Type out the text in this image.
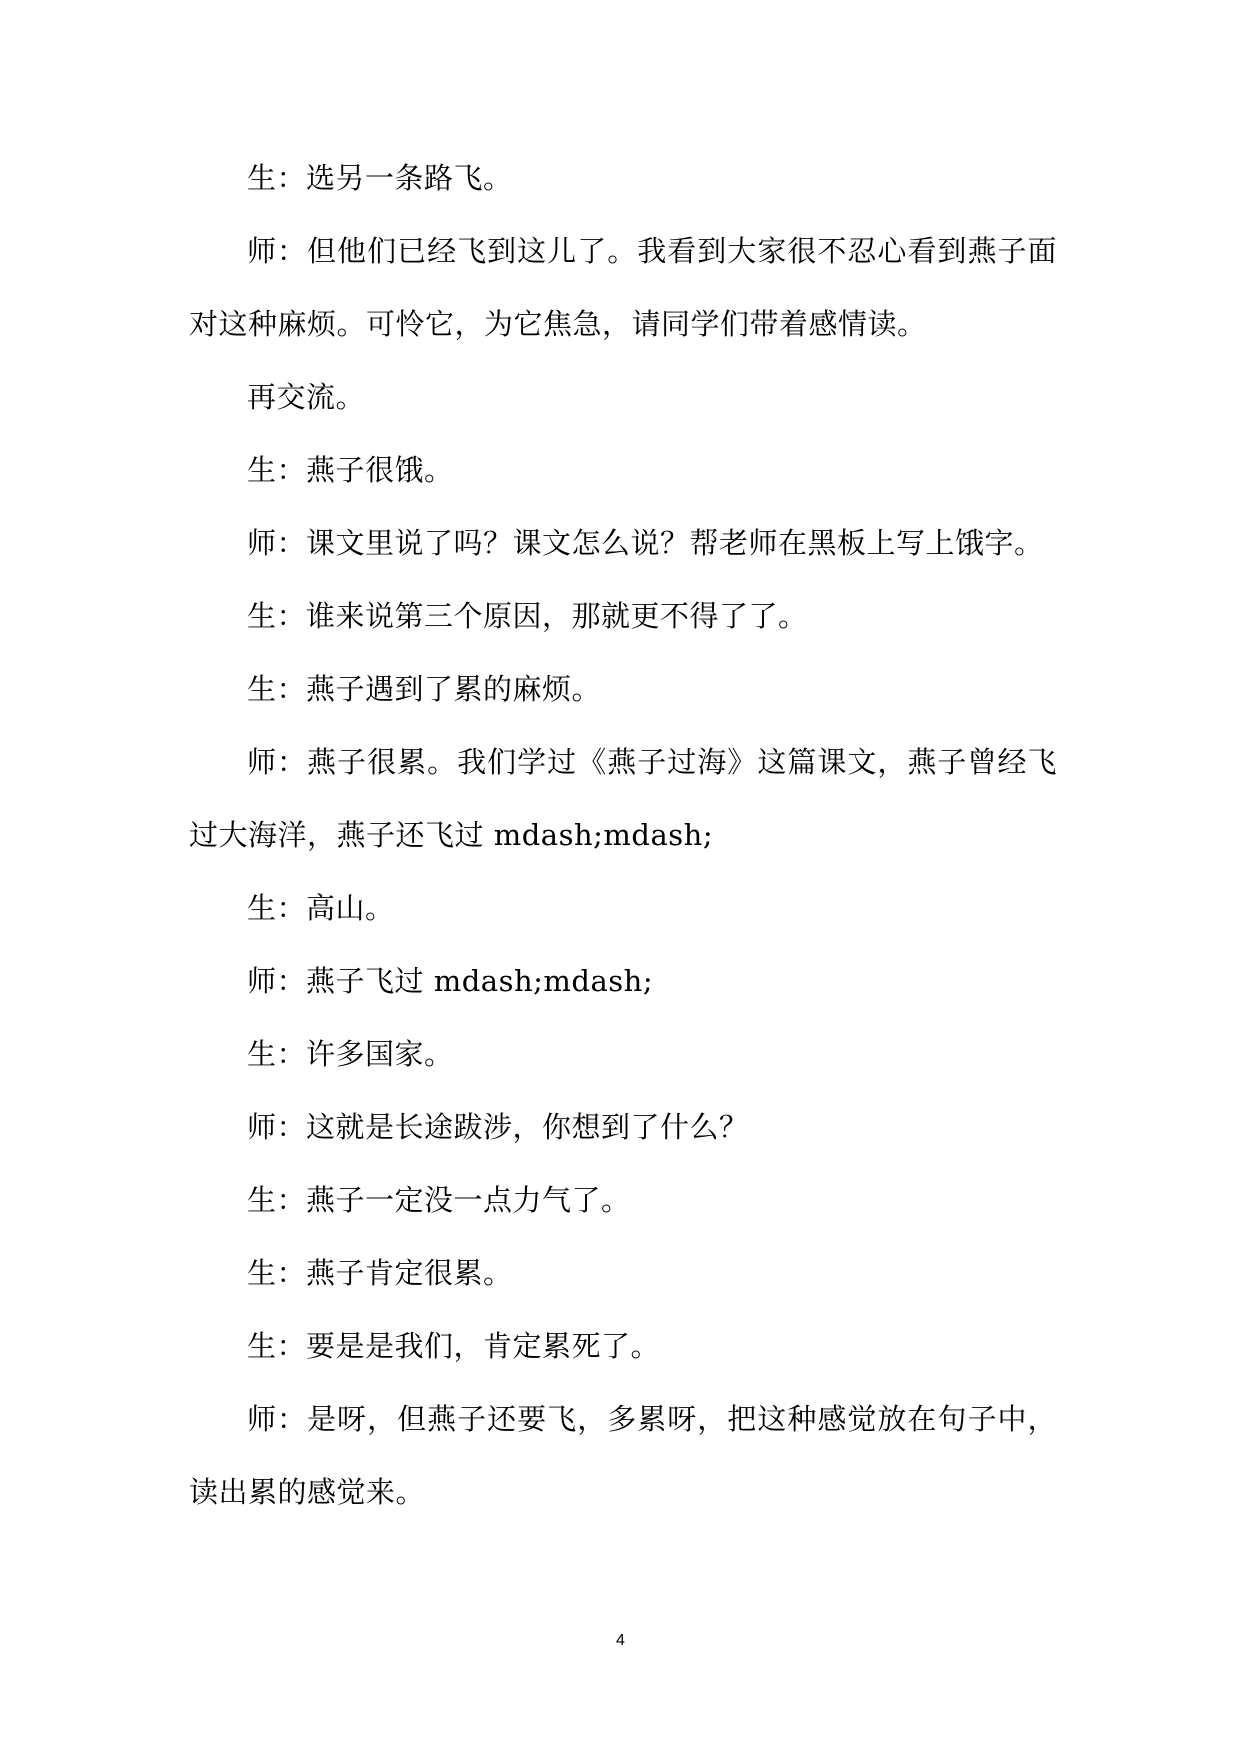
生：选另一条路飞。

师：但他们已经飞到这儿了。我看到大家很不忍心看到燕子面对这种麻烦。可怜它，为它焦急，请同学们带着感情读。

再交流。

生：燕子很饿。

师：课文里说了吗？课文怎么说？帮老师在黑板上写上饿字。

生：谁来说第三个原因，那就更不得了了。

生：燕子遇到了累的麻烦。

师：燕子很累。我们学过《燕子过海》这篇课文，燕子曾经飞过大海洋，燕子还飞过 mdash;mdash;

生：高山。

师：燕子飞过 mdash;mdash;

生：许多国家。

师：这就是长途跋涉，你想到了什么？

生：燕子一定没一点力气了。

生：燕子肯定很累。

生：要是是我们，肯定累死了。

师：是呀，但燕子还要飞，多累呀，把这种感觉放在句子中，读出累的感觉来。

4
